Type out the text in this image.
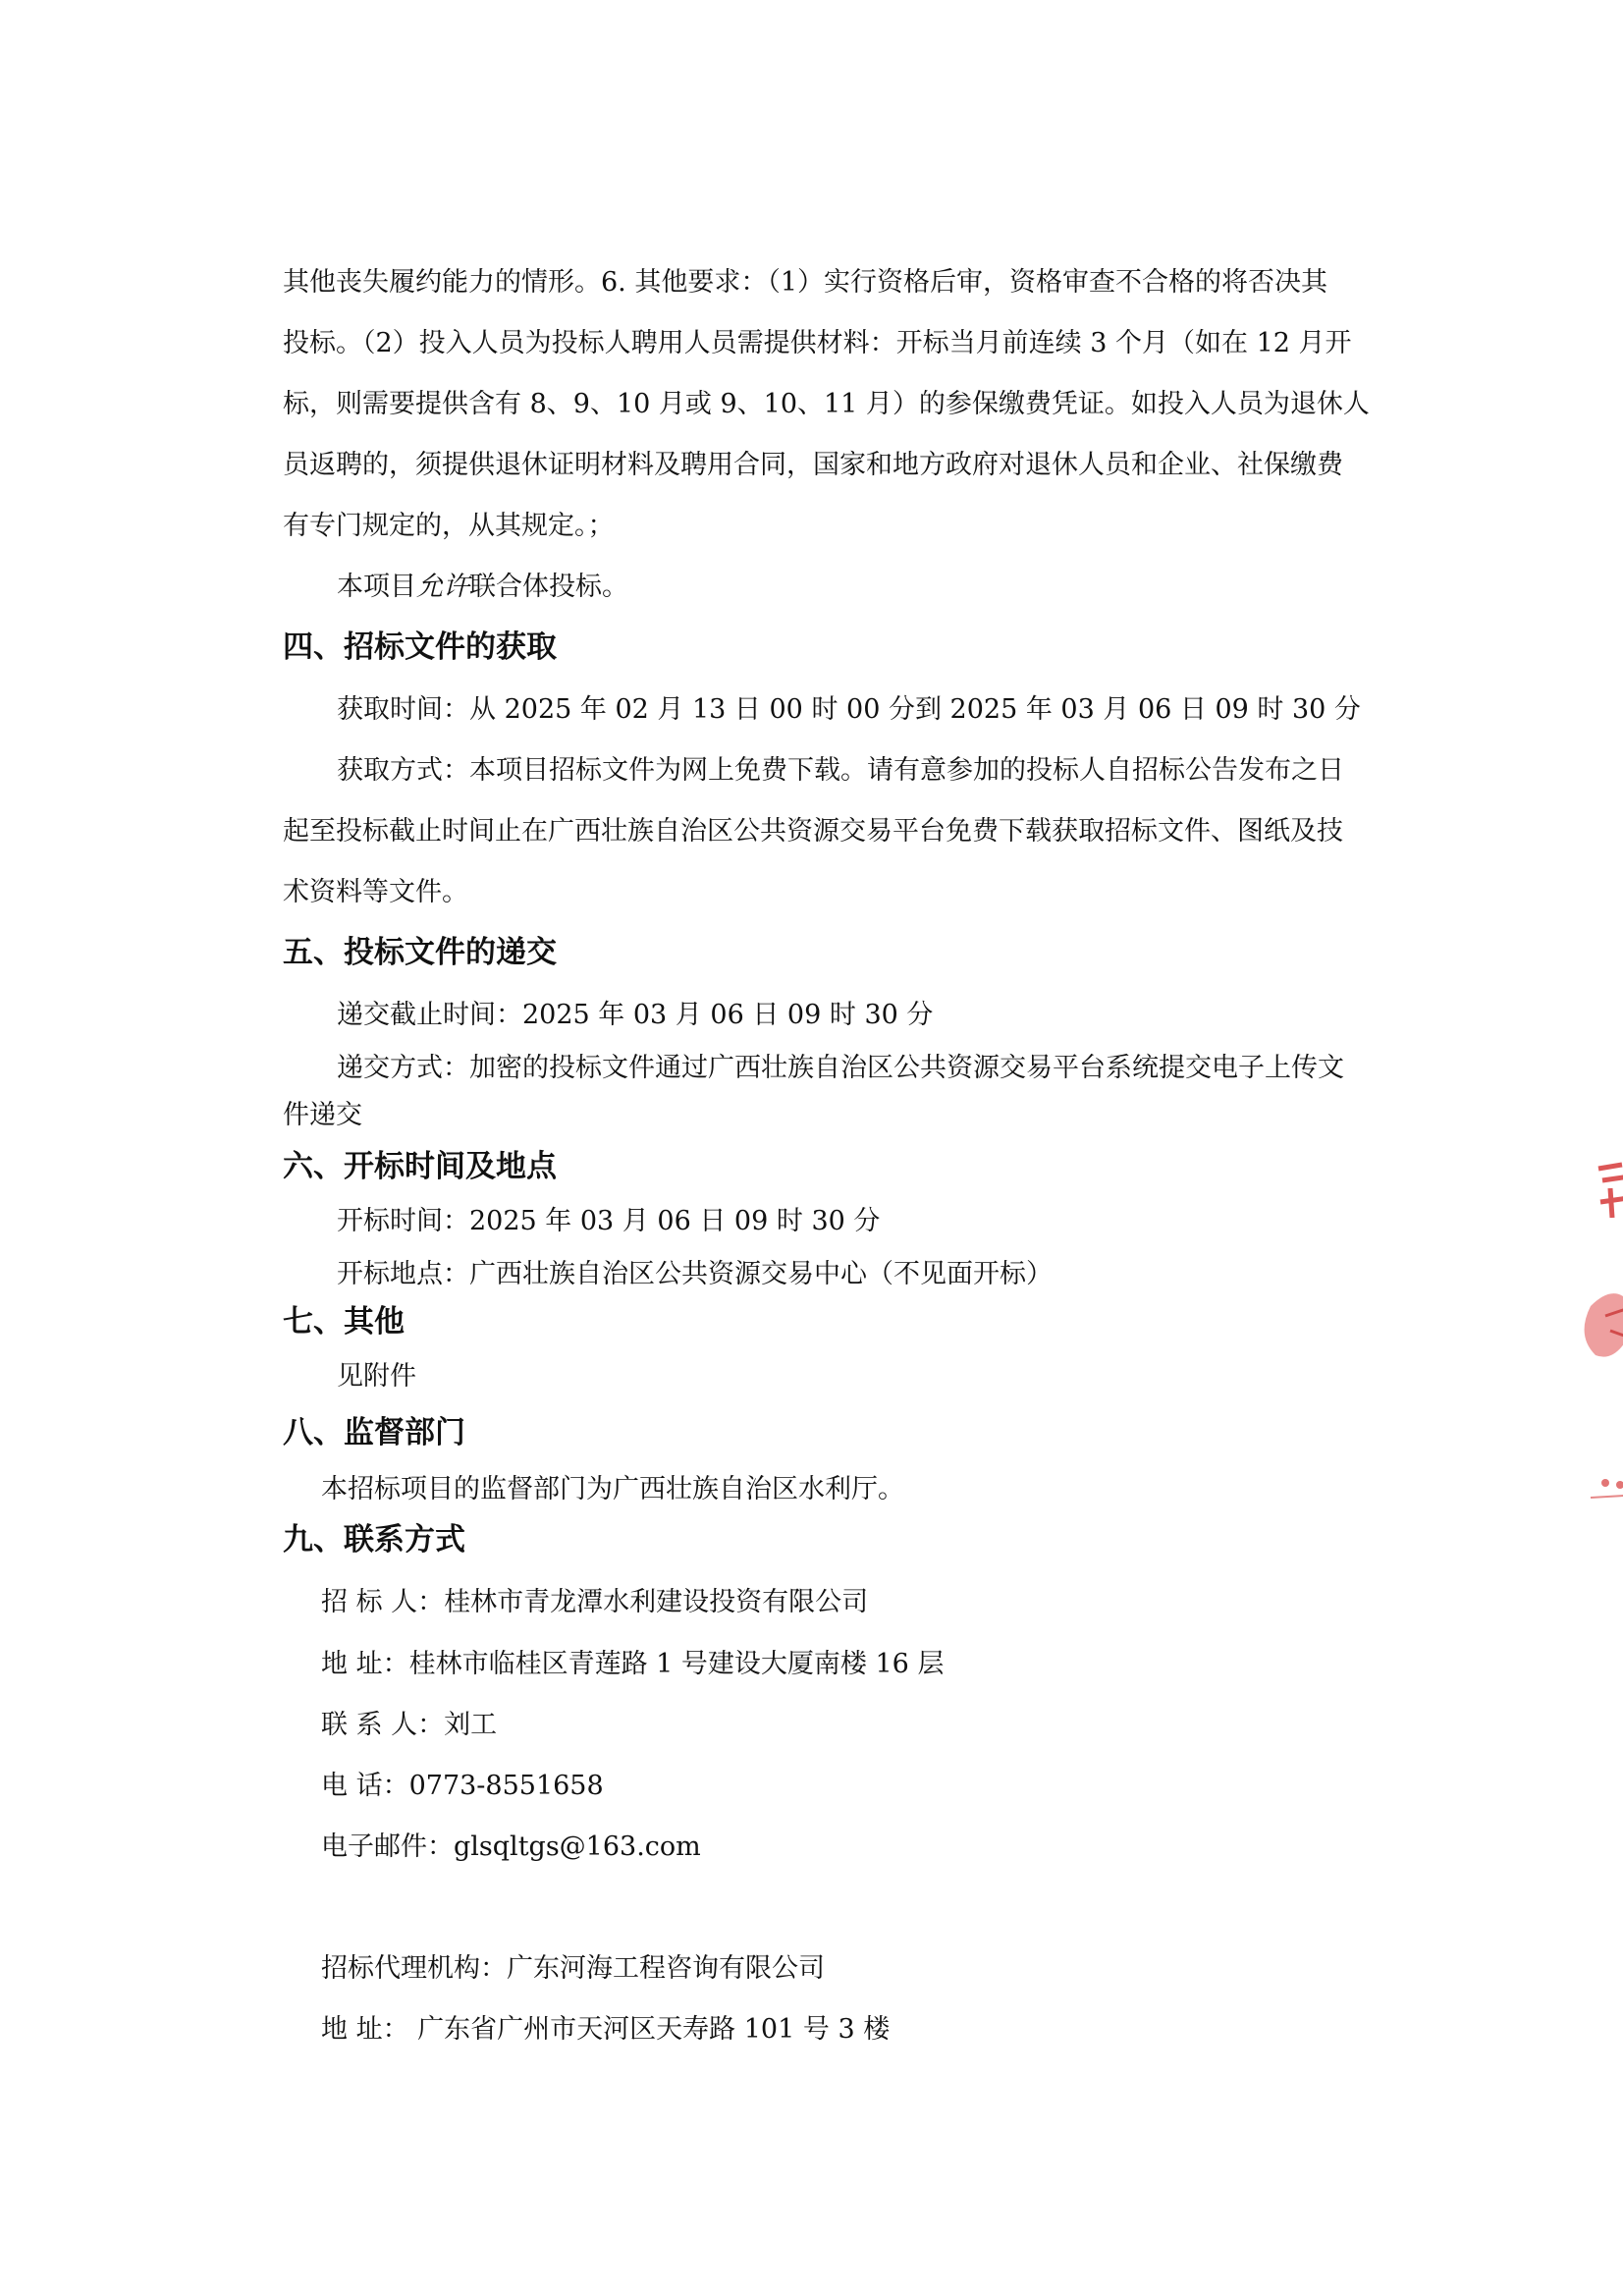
其他丧失履约能力的情形。6. 其他要求：（1）实行资格后审，资格审查不合格的将否决其
投标。（2）投入人员为投标人聘用人员需提供材料：开标当月前连续 3 个月（如在 12 月开
标，则需要提供含有 8、9、10 月或 9、10、11 月）的参保缴费凭证。如投入人员为退休人
员返聘的，须提供退休证明材料及聘用合同，国家和地方政府对退休人员和企业、社保缴费
有专门规定的，从其规定。；
本项目允许联合体投标。
四、招标文件的获取
获取时间：从 2025 年 02 月 13 日 00 时 00 分到 2025 年 03 月 06 日 09 时 30 分
获取方式：本项目招标文件为网上免费下载。请有意参加的投标人自招标公告发布之日
起至投标截止时间止在广西壮族自治区公共资源交易平台免费下载获取招标文件、图纸及技
术资料等文件。
五、投标文件的递交
递交截止时间：2025 年 03 月 06 日 09 时 30 分
递交方式：加密的投标文件通过广西壮族自治区公共资源交易平台系统提交电子上传文
件递交
六、开标时间及地点
开标时间：2025 年 03 月 06 日 09 时 30 分
开标地点：广西壮族自治区公共资源交易中心（不见面开标）
七、其他
见附件
八、监督部门
本招标项目的监督部门为广西壮族自治区水利厅。
九、联系方式
招 标 人：桂林市青龙潭水利建设投资有限公司
地 址：桂林市临桂区青莲路 1 号建设大厦南楼 16 层
联 系 人：刘工
电 话：0773-8551658
电子邮件：glsqltgs@163.com
招标代理机构：广东河海工程咨询有限公司
地 址： 广东省广州市天河区天寿路 101 号 3 楼
